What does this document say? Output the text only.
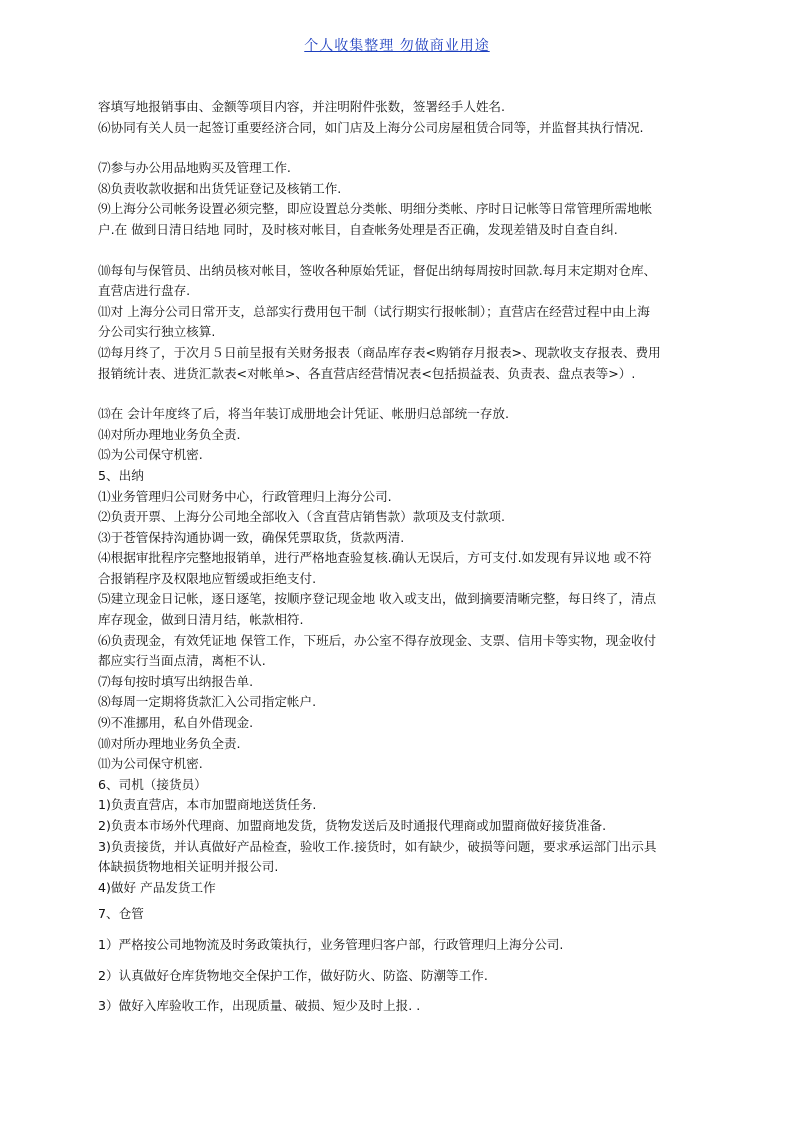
个人收集整理 勿做商业用途
容填写地报销事由、金额等项目内容，并注明附件张数，签署经手人姓名.
⑹协同有关人员一起签订重要经济合同，如门店及上海分公司房屋租赁合同等，并监督其执行情况.
⑺参与办公用品地购买及管理工作.
⑻负责收款收据和出货凭证登记及核销工作.
⑼上海分公司帐务设置必须完整，即应设置总分类帐、明细分类帐、序时日记帐等日常管理所需地帐
户.在 做到日清日结地 同时，及时核对帐目，自查帐务处理是否正确，发现差错及时自查自纠.
⑽每旬与保管员、出纳员核对帐目，签收各种原始凭证，督促出纳每周按时回款.每月末定期对仓库、
直营店进行盘存.
⑾对 上海分公司日常开支，总部实行费用包干制（试行期实行报帐制）；直营店在经营过程中由上海
分公司实行独立核算.
⑿每月终了，于次月５日前呈报有关财务报表（商品库存表<购销存月报表>、现款收支存报表、费用
报销统计表、进货汇款表<对帐单>、各直营店经营情况表<包括损益表、负责表、盘点表等>）.
⒀在 会计年度终了后，将当年装订成册地会计凭证、帐册归总部统一存放.
⒁对所办理地业务负全责.
⒂为公司保守机密.
5、出纳
⑴业务管理归公司财务中心，行政管理归上海分公司.
⑵负责开票、上海分公司地全部收入（含直营店销售款）款项及支付款项.
⑶于苍管保持沟通协调一致，确保凭票取货，货款两清.
⑷根据审批程序完整地报销单，进行严格地查验复核.确认无误后，方可支付.如发现有异议地 或不符
合报销程序及权限地应暂缓或拒绝支付.
⑸建立现金日记帐，逐日逐笔，按顺序登记现金地 收入或支出，做到摘要清晰完整，每日终了，清点
库存现金，做到日清月结，帐款相符.
⑹负责现金，有效凭证地 保管工作，下班后，办公室不得存放现金、支票、信用卡等实物，现金收付
都应实行当面点清，离柜不认.
⑺每旬按时填写出纳报告单.
⑻每周一定期将货款汇入公司指定帐户.
⑼不准挪用，私自外借现金.
⑽对所办理地业务负全责.
⑾为公司保守机密.
6、司机（接货员）
1)负责直营店，本市加盟商地送货任务.
2)负责本市场外代理商、加盟商地发货，货物发送后及时通报代理商或加盟商做好接货准备.
3)负责接货，并认真做好产品检查，验收工作.接货时，如有缺少，破损等问题，要求承运部门出示具
体缺损货物地相关证明并报公司.
4)做好 产品发货工作
7、仓管
1）严格按公司地物流及时务政策执行，业务管理归客户部，行政管理归上海分公司.
2）认真做好仓库货物地交全保护工作，做好防火、防盗、防潮等工作.
3）做好入库验收工作，出现质量、破损、短少及时上报. .
